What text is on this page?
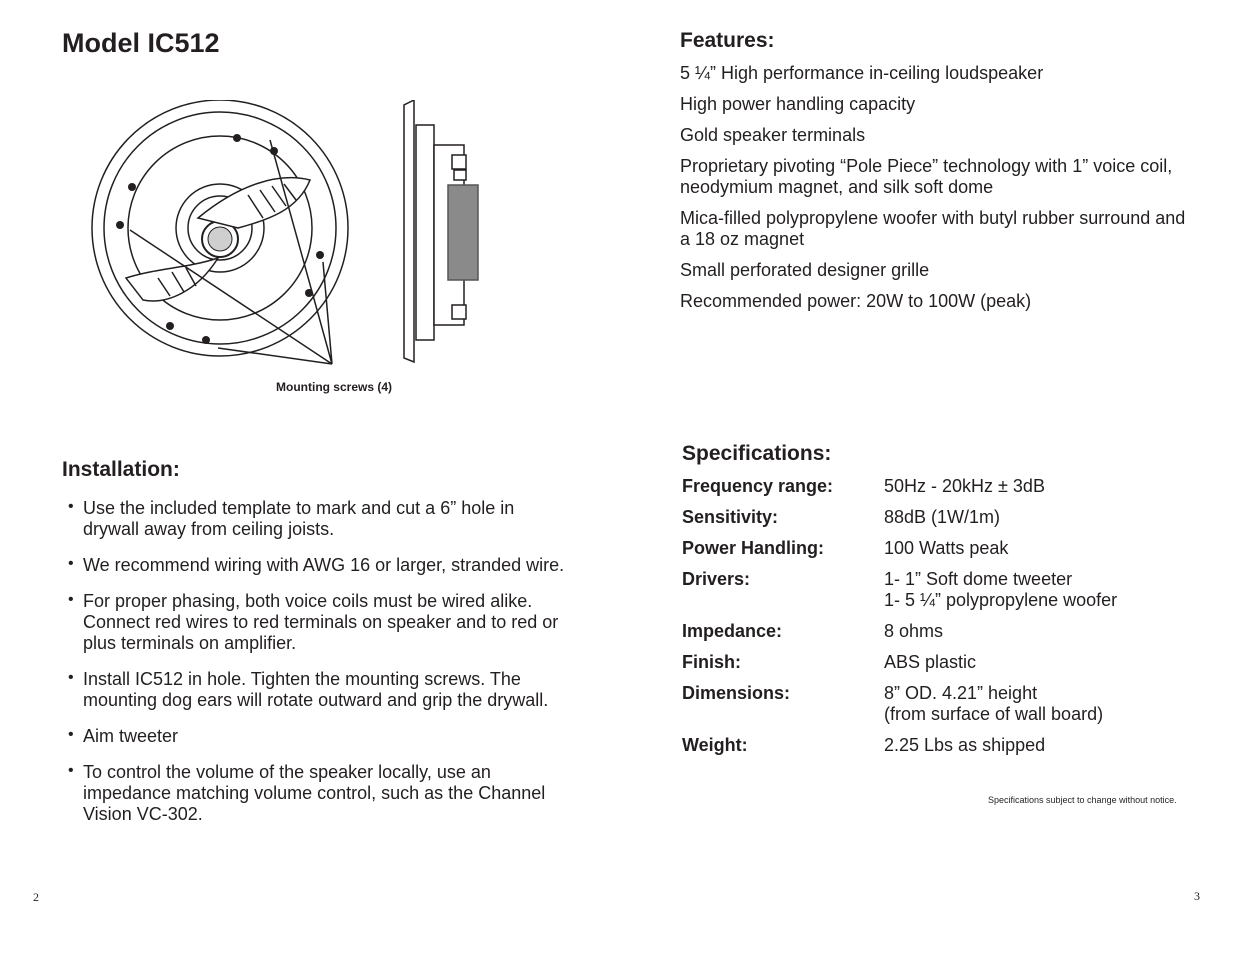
Model IC512
Mounting screws (4)
Features:
5 ¼” High performance in-ceiling loudspeaker
High power handling capacity
Gold speaker terminals
Proprietary pivoting “Pole Piece” technology with 1” voice coil, neodymium magnet, and silk soft dome
Mica-filled polypropylene woofer with butyl rubber surround and a 18 oz magnet
Small perforated designer grille
Recommended power: 20W to 100W (peak)
Installation:
• Use the included template to mark and cut a 6” hole in drywall away from ceiling joists.
• We recommend wiring with AWG 16 or larger, stranded wire.
• For proper phasing, both voice coils must be wired alike. Connect red wires to red terminals on speaker and to red or plus terminals on amplifier.
• Install IC512 in hole. Tighten the mounting screws. The mounting dog ears will rotate outward and grip the drywall.
• Aim tweeter
• To control the volume of the speaker locally, use an impedance matching volume control, such as the Channel Vision VC-302.
Specifications:
Frequency range:	50Hz - 20kHz ± 3dB
Sensitivity:	88dB (1W/1m)
Power Handling:	100 Watts peak
Drivers:	1- 1” Soft dome tweeter
1- 5 ¼” polypropylene woofer
Impedance:	8 ohms
Finish:	ABS plastic
Dimensions:	8” OD. 4.21” height
(from surface of wall board)
Weight:	2.25 Lbs as shipped
Specifications subject to change without notice.
2	3
